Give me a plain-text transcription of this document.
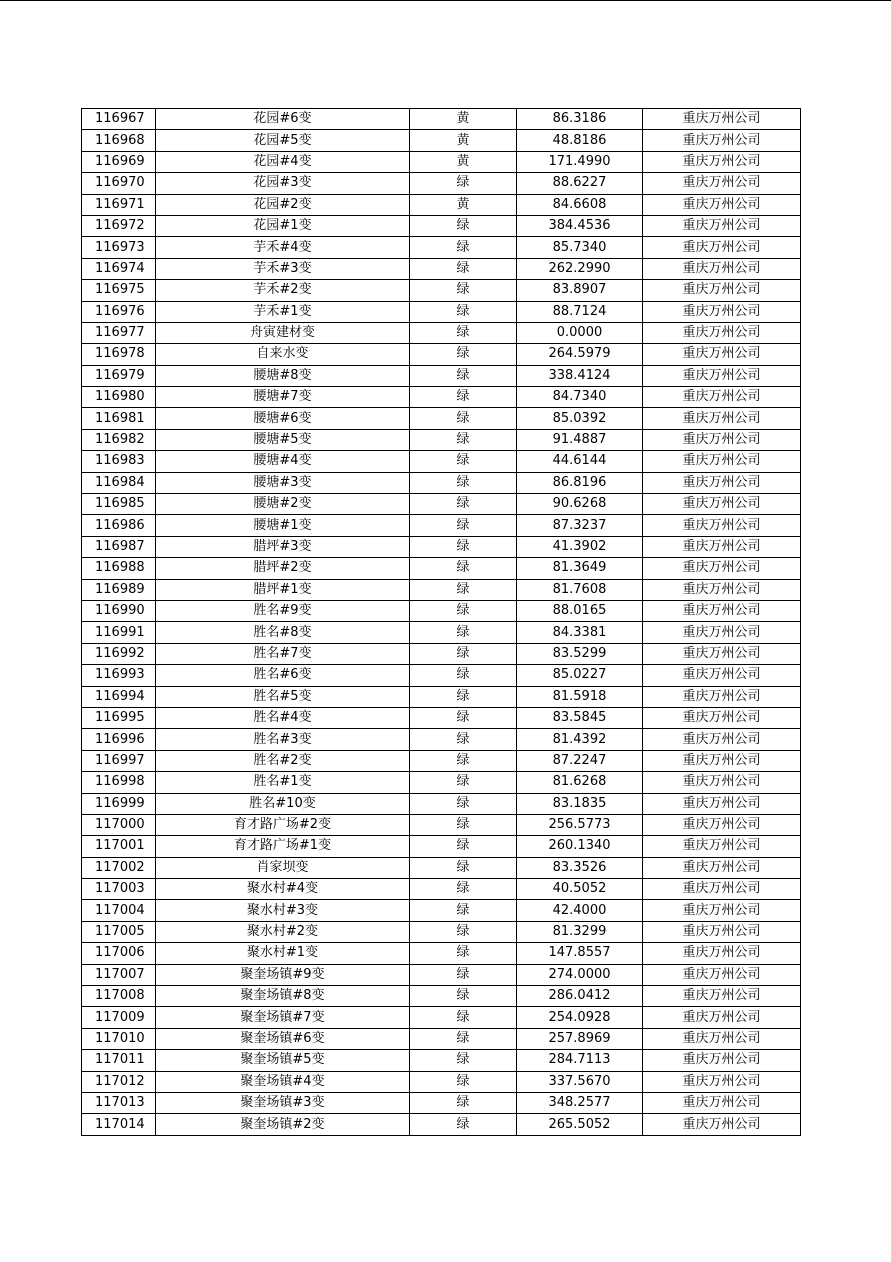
116967	花园#6变	黄	86.3186	重庆万州公司
116968	花园#5变	黄	48.8186	重庆万州公司
116969	花园#4变	黄	171.4990	重庆万州公司
116970	花园#3变	绿	88.6227	重庆万州公司
116971	花园#2变	黄	84.6608	重庆万州公司
116972	花园#1变	绿	384.4536	重庆万州公司
116973	芋禾#4变	绿	85.7340	重庆万州公司
116974	芋禾#3变	绿	262.2990	重庆万州公司
116975	芋禾#2变	绿	83.8907	重庆万州公司
116976	芋禾#1变	绿	88.7124	重庆万州公司
116977	舟寅建材变	绿	0.0000	重庆万州公司
116978	自来水变	绿	264.5979	重庆万州公司
116979	腰塘#8变	绿	338.4124	重庆万州公司
116980	腰塘#7变	绿	84.7340	重庆万州公司
116981	腰塘#6变	绿	85.0392	重庆万州公司
116982	腰塘#5变	绿	91.4887	重庆万州公司
116983	腰塘#4变	绿	44.6144	重庆万州公司
116984	腰塘#3变	绿	86.8196	重庆万州公司
116985	腰塘#2变	绿	90.6268	重庆万州公司
116986	腰塘#1变	绿	87.3237	重庆万州公司
116987	腊坪#3变	绿	41.3902	重庆万州公司
116988	腊坪#2变	绿	81.3649	重庆万州公司
116989	腊坪#1变	绿	81.7608	重庆万州公司
116990	胜名#9变	绿	88.0165	重庆万州公司
116991	胜名#8变	绿	84.3381	重庆万州公司
116992	胜名#7变	绿	83.5299	重庆万州公司
116993	胜名#6变	绿	85.0227	重庆万州公司
116994	胜名#5变	绿	81.5918	重庆万州公司
116995	胜名#4变	绿	83.5845	重庆万州公司
116996	胜名#3变	绿	81.4392	重庆万州公司
116997	胜名#2变	绿	87.2247	重庆万州公司
116998	胜名#1变	绿	81.6268	重庆万州公司
116999	胜名#10变	绿	83.1835	重庆万州公司
117000	育才路广场#2变	绿	256.5773	重庆万州公司
117001	育才路广场#1变	绿	260.1340	重庆万州公司
117002	肖家坝变	绿	83.3526	重庆万州公司
117003	聚水村#4变	绿	40.5052	重庆万州公司
117004	聚水村#3变	绿	42.4000	重庆万州公司
117005	聚水村#2变	绿	81.3299	重庆万州公司
117006	聚水村#1变	绿	147.8557	重庆万州公司
117007	聚奎场镇#9变	绿	274.0000	重庆万州公司
117008	聚奎场镇#8变	绿	286.0412	重庆万州公司
117009	聚奎场镇#7变	绿	254.0928	重庆万州公司
117010	聚奎场镇#6变	绿	257.8969	重庆万州公司
117011	聚奎场镇#5变	绿	284.7113	重庆万州公司
117012	聚奎场镇#4变	绿	337.5670	重庆万州公司
117013	聚奎场镇#3变	绿	348.2577	重庆万州公司
117014	聚奎场镇#2变	绿	265.5052	重庆万州公司
